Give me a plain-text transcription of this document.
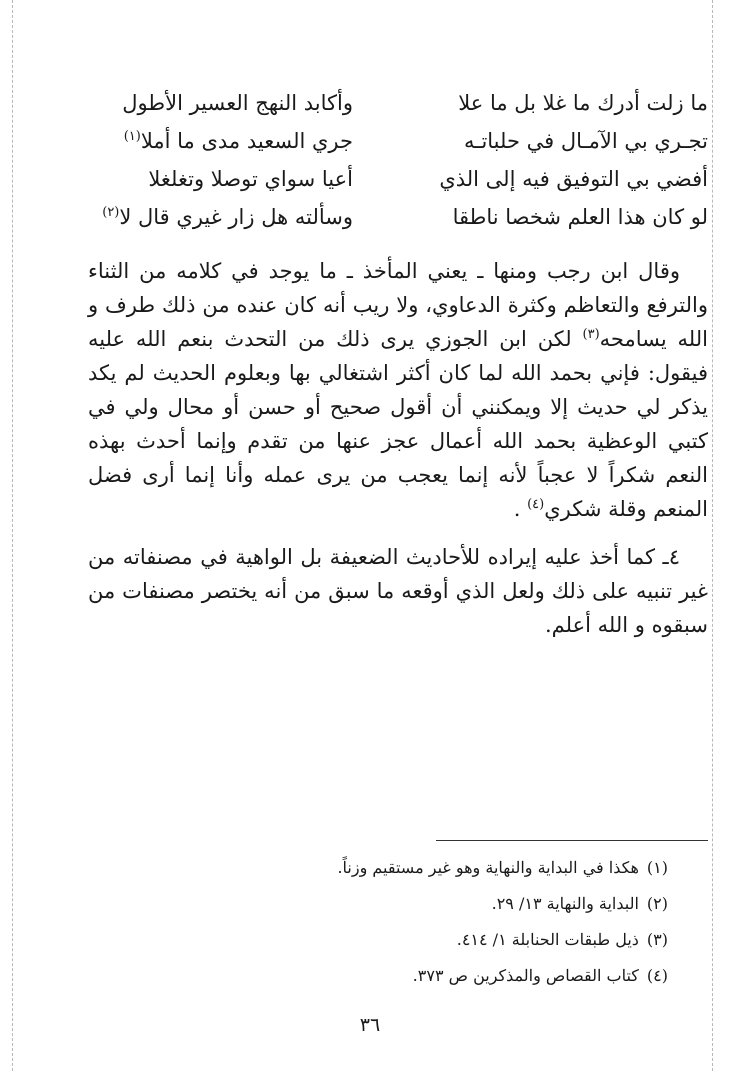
ما زلت أدرك ما غلا بل ما علا
وأكابد النهج العسير الأطول
تجـري بي الآمـال في حلباتـه
جري السعيد مدى ما أملا$^{(١)}$
أفضي بي التوفيق فيه إلى الذي
أعيا سواي توصلا وتغلغلا
لو كان هذا العلم شخصا ناطقا
وسألته هل زار غيري قال لا$^{(٢)}$

وقال ابن رجب ومنها ـ يعني المأخذ ـ ما يوجد في كلامه من الثناء والترفع والتعاظم وكثرة الدعاوي، ولا ريب أنه كان عنده من ذلك طرف و الله يسامحه$^{(٣)}$ لكن ابن الجوزي يرى ذلك من التحدث بنعم الله عليه فيقول: فإني بحمد الله لما كان أكثر اشتغالي بها وبعلوم الحديث لم يكد يذكر لي حديث إلا ويمكنني أن أقول صحيح أو حسن أو محال ولي في كتبي الوعظية بحمد الله أعمال عجز عنها من تقدم وإنما أحدث بهذه النعم شكراً لا عجباً لأنه إنما يعجب من يرى عمله وأنا إنما أرى فضل المنعم وقلة شكري$^{(٤)}$ .

٤ـ كما أخذ عليه إيراده للأحاديث الضعيفة بل الواهية في مصنفاته من غير تنبيه على ذلك ولعل الذي أوقعه ما سبق من أنه يختصر مصنفات من سبقوه و الله أعلم.

(١) هكذا في البداية والنهاية وهو غير مستقيم وزناً.
(٢) البداية والنهاية ١٣/ ٢٩.
(٣) ذيل طبقات الحنابلة ١/ ٤١٤.
(٤) كتاب القصاص والمذكرين ص ٣٧٣.
٣٦
